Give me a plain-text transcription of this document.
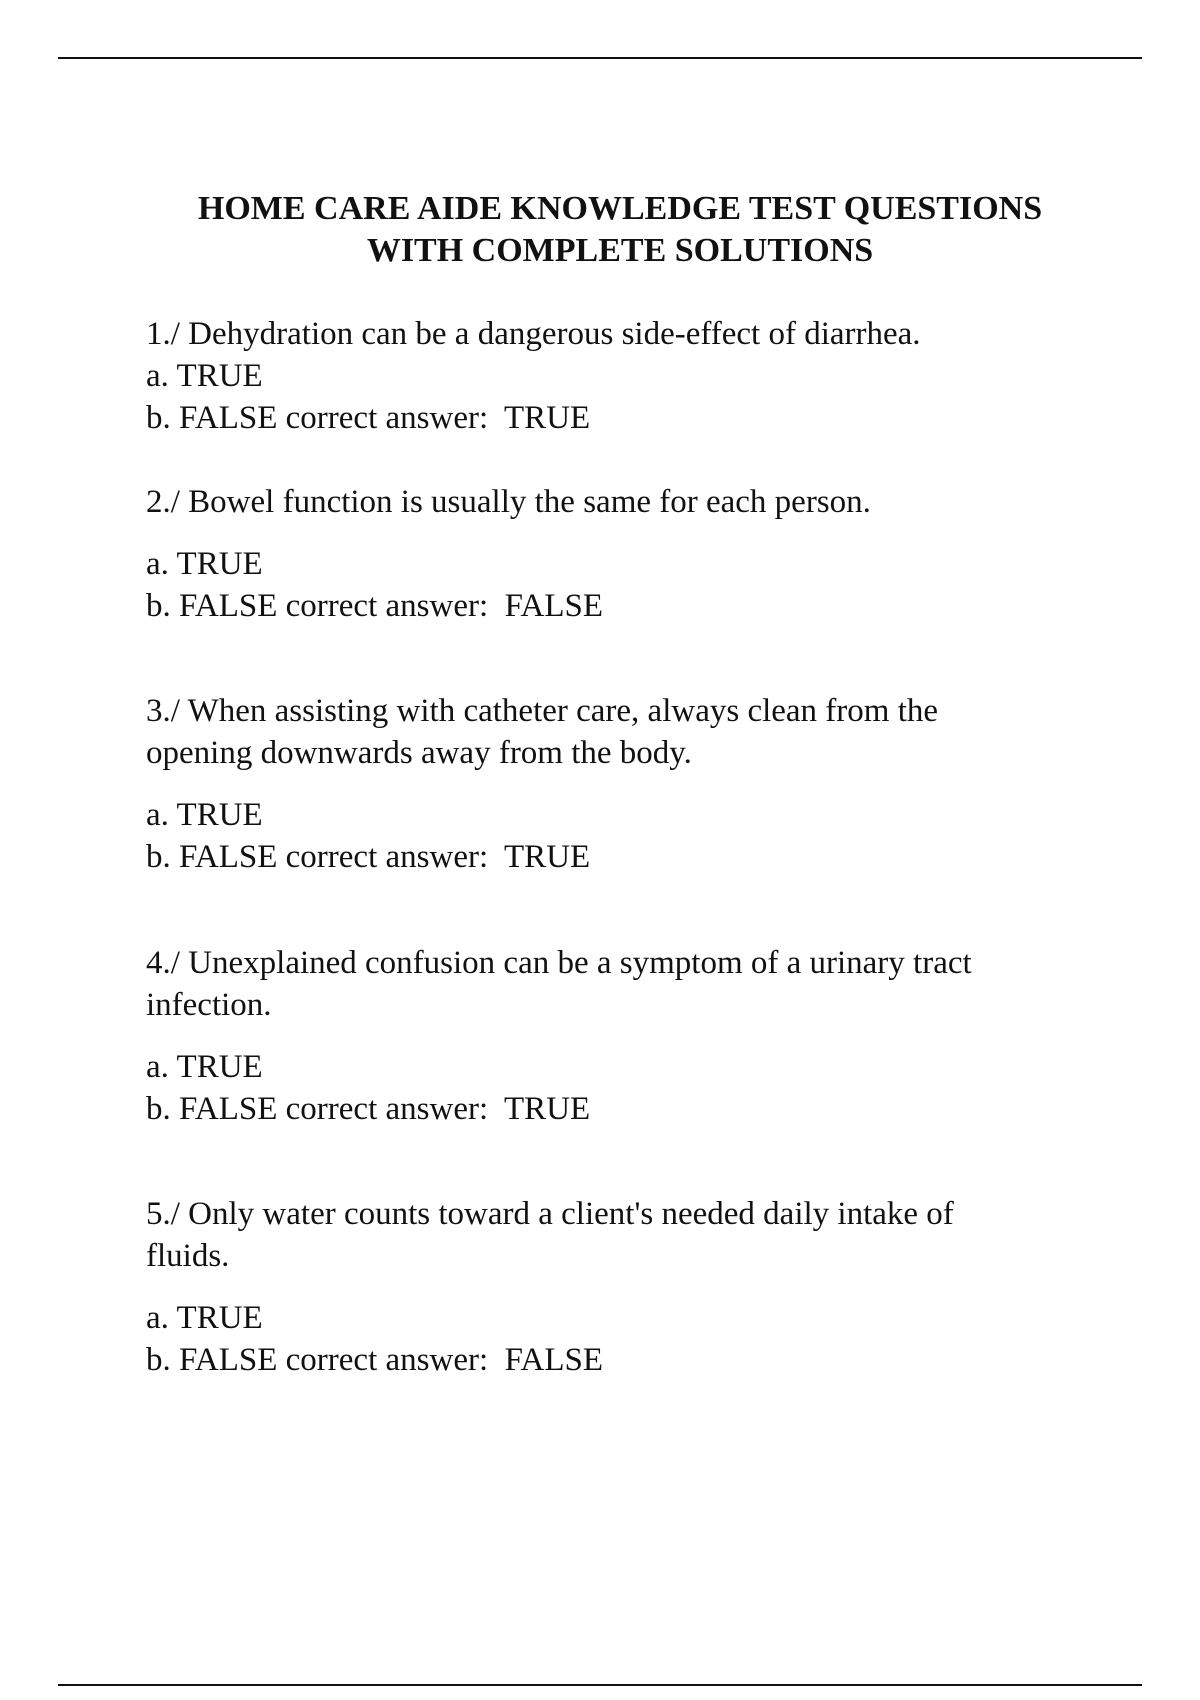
HOME CARE AIDE KNOWLEDGE TEST QUESTIONS
WITH COMPLETE SOLUTIONS
1./ Dehydration can be a dangerous side-effect of diarrhea.
a. TRUE
b. FALSE correct answer:  TRUE
2./ Bowel function is usually the same for each person.
a. TRUE
b. FALSE correct answer:  FALSE
3./ When assisting with catheter care, always clean from the
opening downwards away from the body.
a. TRUE
b. FALSE correct answer:  TRUE
4./ Unexplained confusion can be a symptom of a urinary tract
infection.
a. TRUE
b. FALSE correct answer:  TRUE
5./ Only water counts toward a client's needed daily intake of
fluids.
a. TRUE
b. FALSE correct answer:  FALSE
